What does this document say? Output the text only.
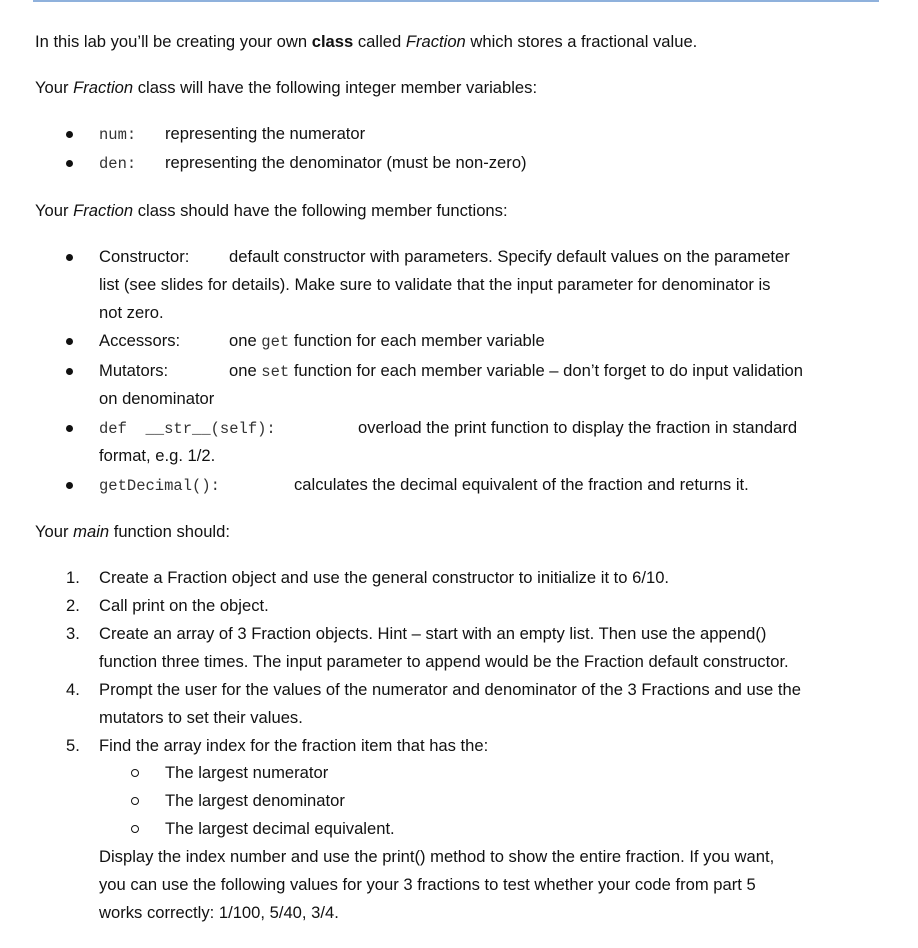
In this lab you’ll be creating your own class called Fraction which stores a fractional value.
Your Fraction class will have the following integer member variables:
num: representing the numerator
den: representing the denominator (must be non-zero)
Your Fraction class should have the following member functions:
Constructor: default constructor with parameters. Specify default values on the parameter
list (see slides for details). Make sure to validate that the input parameter for denominator is
not zero.
Accessors:	one get function for each member variable
Mutators:	one set function for each member variable – don’t forget to do input validation
on denominator
def  __str__(self):	overload the print function to display the fraction in standard
format, e.g. 1/2.
getDecimal():	calculates the decimal equivalent of the fraction and returns it.
Your main function should:
1. Create a Fraction object and use the general constructor to initialize it to 6/10.
2. Call print on the object.
3. Create an array of 3 Fraction objects. Hint – start with an empty list. Then use the append()
function three times. The input parameter to append would be the Fraction default constructor.
4. Prompt the user for the values of the numerator and denominator of the 3 Fractions and use the
mutators to set their values.
5. Find the array index for the fraction item that has the:
The largest numerator
The largest denominator
The largest decimal equivalent.
Display the index number and use the print() method to show the entire fraction. If you want,
you can use the following values for your 3 fractions to test whether your code from part 5
works correctly: 1/100, 5/40, 3/4.
